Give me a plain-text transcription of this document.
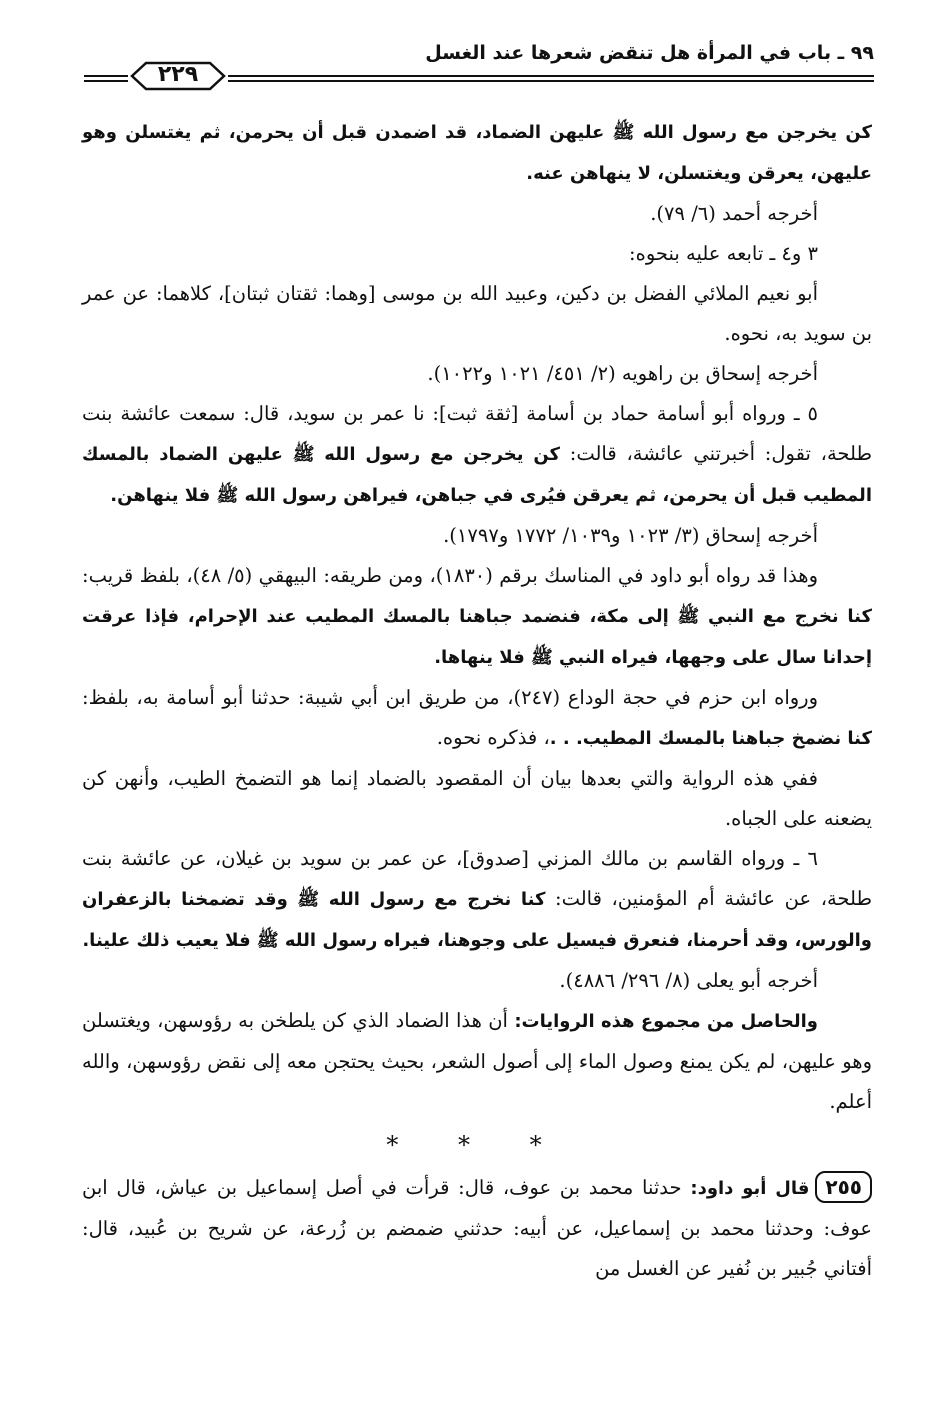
٩٩ ـ باب في المرأة هل تنقض شعرها عند الغسل
٢٢٩

كن يخرجن مع رسول الله ﷺ عليهن الضماد، قد اضمدن قبل أن يحرمن، ثم يغتسلن وهو عليهن، يعرقن ويغتسلن، لا ينهاهن عنه.

أخرجه أحمد (٦/ ٧٩).

٣ و٤ ـ تابعه عليه بنحوه:

أبو نعيم الملائي الفضل بن دكين، وعبيد الله بن موسى [وهما: ثقتان ثبتان]، كلاهما: عن عمر بن سويد به، نحوه.

أخرجه إسحاق بن راهويه (٢/ ٤٥١/ ١٠٢١ و١٠٢٢).

٥ ـ ورواه أبو أسامة حماد بن أسامة [ثقة ثبت]: نا عمر بن سويد، قال: سمعت عائشة بنت طلحة، تقول: أخبرتني عائشة، قالت: كن يخرجن مع رسول الله ﷺ عليهن الضماد بالمسك المطيب قبل أن يحرمن، ثم يعرقن فيُرى في جباهن، فيراهن رسول الله ﷺ فلا ينهاهن.

أخرجه إسحاق (٣/ ١٠٢٣ و١٠٣٩/ ١٧٧٢ و١٧٩٧).

وهذا قد رواه أبو داود في المناسك برقم (١٨٣٠)، ومن طريقه: البيهقي (٥/ ٤٨)، بلفظ قريب: كنا نخرج مع النبي ﷺ إلى مكة، فنضمد جباهنا بالمسك المطيب عند الإحرام، فإذا عرقت إحدانا سال على وجهها، فيراه النبي ﷺ فلا ينهاها.

ورواه ابن حزم في حجة الوداع (٢٤٧)، من طريق ابن أبي شيبة: حدثنا أبو أسامة به، بلفظ: كنا نضمخ جباهنا بالمسك المطيب. . .، فذكره نحوه.

ففي هذه الرواية والتي بعدها بيان أن المقصود بالضماد إنما هو التضمخ الطيب، وأنهن كن يضعنه على الجباه.

٦ ـ ورواه القاسم بن مالك المزني [صدوق]، عن عمر بن سويد بن غيلان، عن عائشة بنت طلحة، عن عائشة أم المؤمنين، قالت: كنا نخرج مع رسول الله ﷺ وقد تضمخنا بالزعفران والورس، وقد أحرمنا، فنعرق فيسيل على وجوهنا، فيراه رسول الله ﷺ فلا يعيب ذلك علينا.

أخرجه أبو يعلى (٨/ ٢٩٦/ ٤٨٨٦).

والحاصل من مجموع هذه الروايات: أن هذا الضماد الذي كن يلطخن به رؤوسهن، ويغتسلن وهو عليهن، لم يكن يمنع وصول الماء إلى أصول الشعر، بحيث يحتجن معه إلى نقض رؤوسهن، والله أعلم.

* * *

٢٥٥قال أبو داود: حدثنا محمد بن عوف، قال: قرأت في أصل إسماعيل بن عياش، قال ابن عوف: وحدثنا محمد بن إسماعيل، عن أبيه: حدثني ضمضم بن زُرعة، عن شريح بن عُبيد، قال: أفتاني جُبير بن نُفير عن الغسل من
